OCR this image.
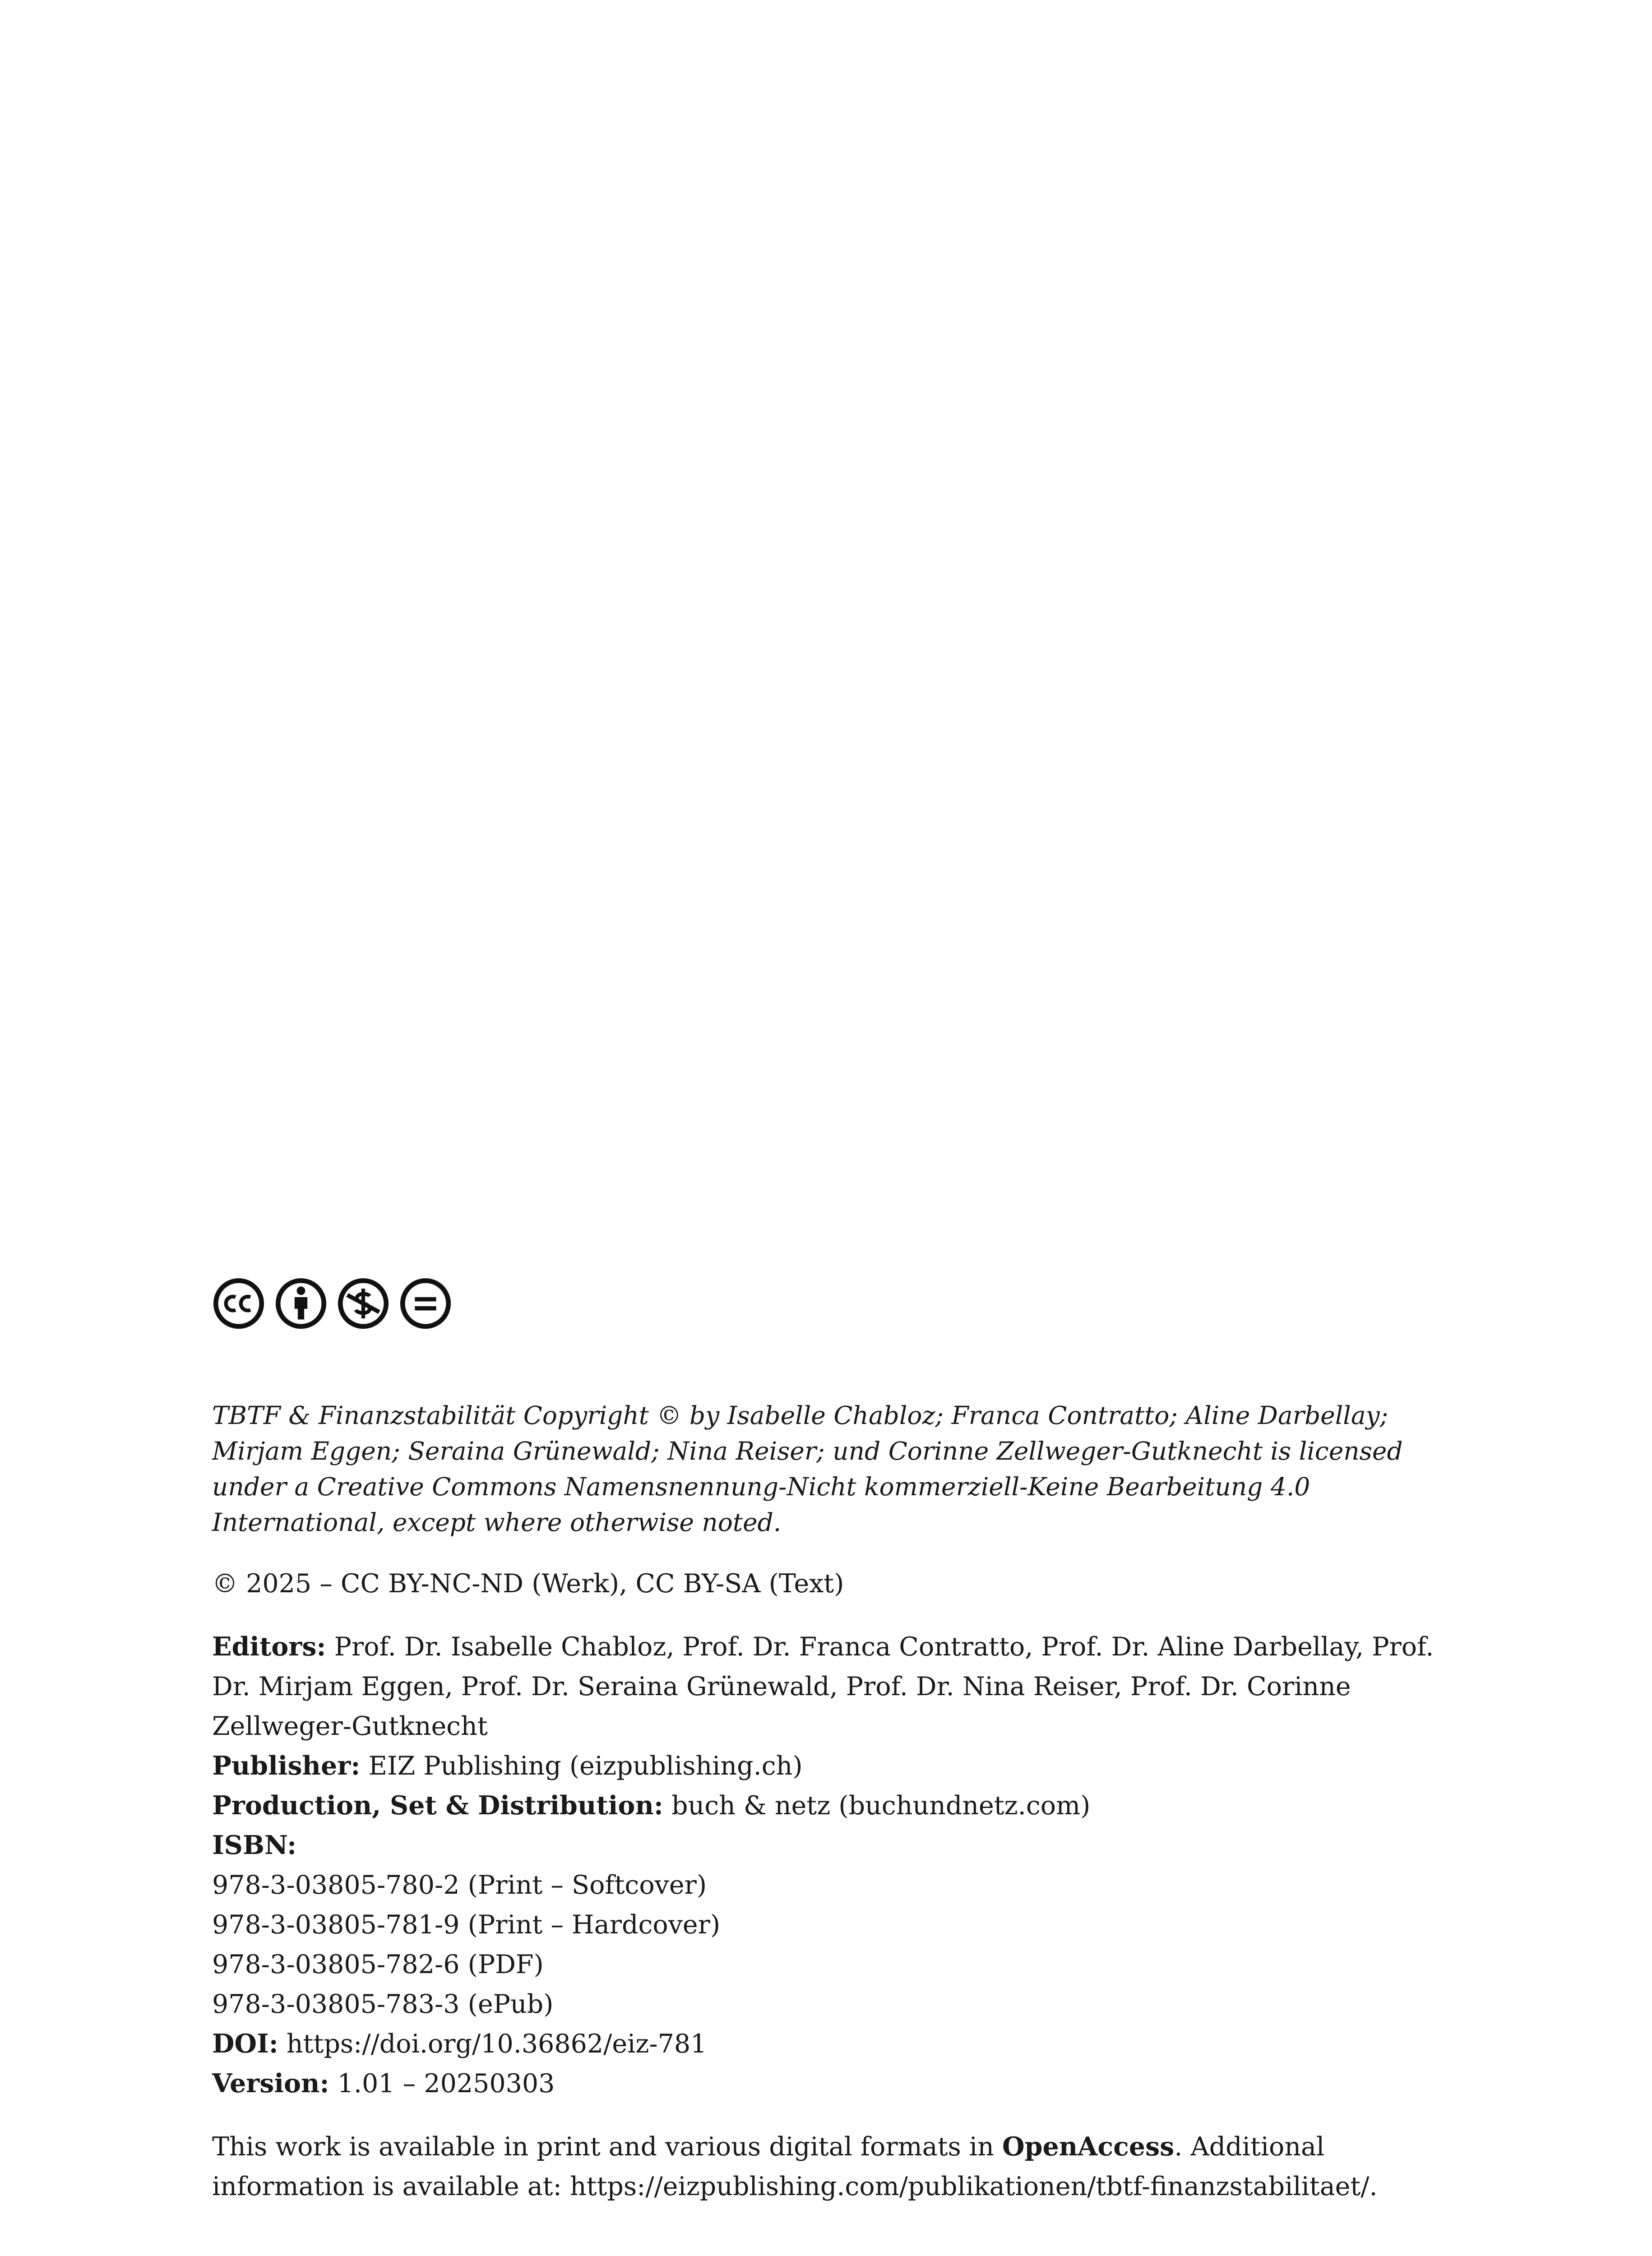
TBTF & Finanzstabilität Copyright © by Isabelle Chabloz; Franca Contratto; Aline Darbellay; Mirjam Eggen; Seraina Grünewald; Nina Reiser; und Corinne Zellweger-Gutknecht is licensed under a Creative Commons Namensnennung-Nicht kommerziell-Keine Bearbeitung 4.0 International, except where otherwise noted.

© 2025 – CC BY-NC-ND (Werk), CC BY-SA (Text)

Editors: Prof. Dr. Isabelle Chabloz, Prof. Dr. Franca Contratto, Prof. Dr. Aline Darbellay, Prof. Dr. Mirjam Eggen, Prof. Dr. Seraina Grünewald, Prof. Dr. Nina Reiser, Prof. Dr. Corinne Zellweger-Gutknecht
Publisher: EIZ Publishing (eizpublishing.ch)
Production, Set & Distribution: buch & netz (buchundnetz.com)
ISBN:
978-3-03805-780-2 (Print – Softcover)
978-3-03805-781-9 (Print – Hardcover)
978-3-03805-782-6 (PDF)
978-3-03805-783-3 (ePub)
DOI: https://doi.org/10.36862/eiz-781
Version: 1.01 – 20250303

This work is available in print and various digital formats in OpenAccess. Additional information is available at: https://eizpublishing.com/publikationen/tbtf-finanzstabilitaet/.
